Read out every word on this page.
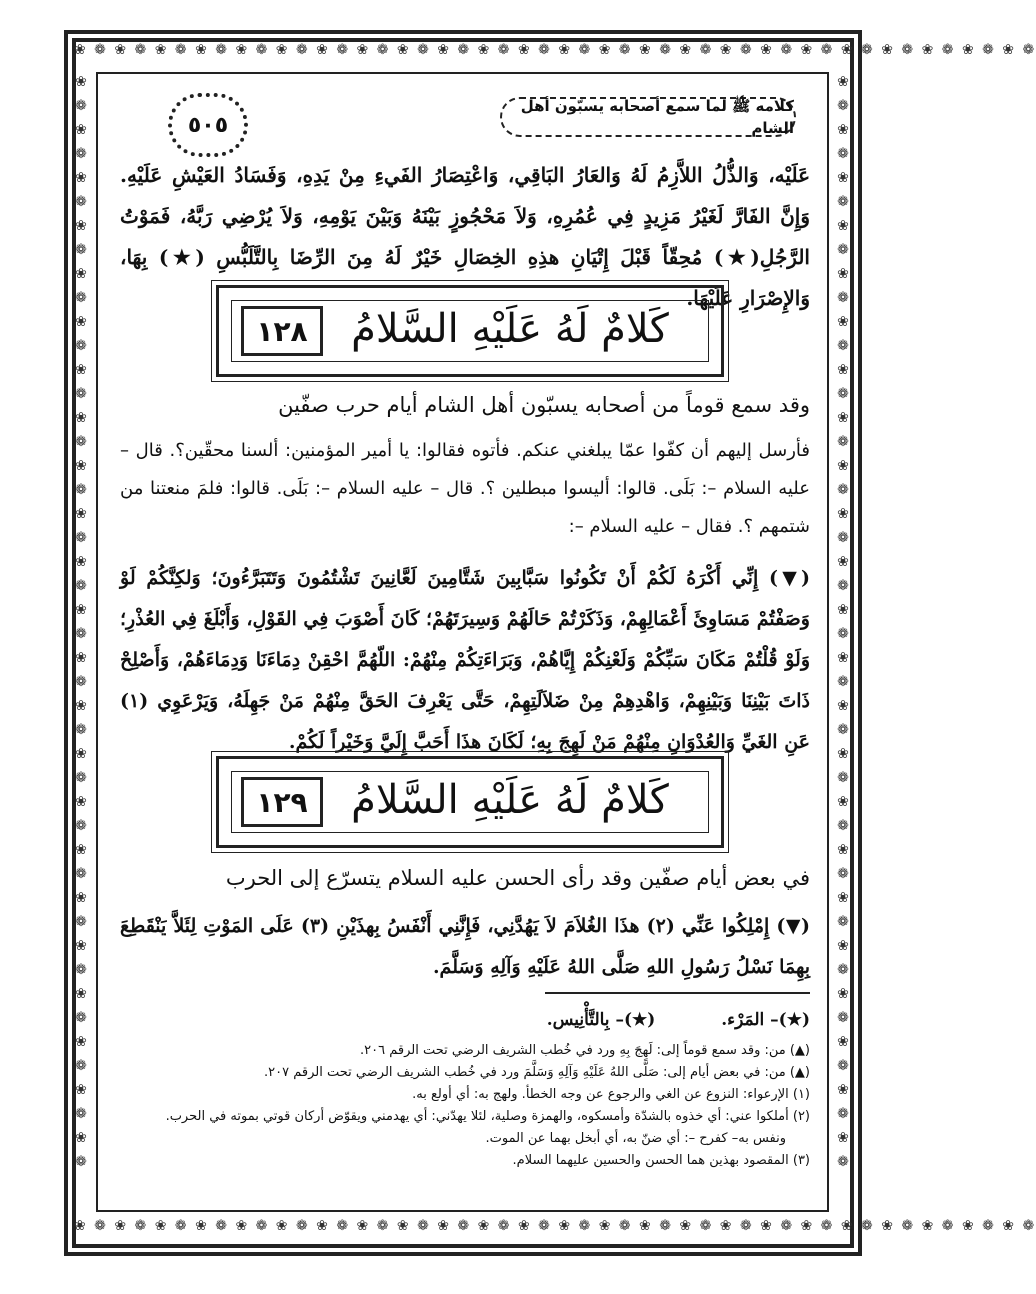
❀ ❁ ❀ ❁ ❀ ❁ ❀ ❁ ❀ ❁ ❀ ❁ ❀ ❁ ❀ ❁ ❀ ❁ ❀ ❁ ❀ ❁ ❀ ❁ ❀ ❁ ❀ ❁ ❀ ❁ ❀ ❁ ❀ ❁ ❀ ❁ ❀ ❁ ❀ ❁ ❀ ❁ ❀ ❁ ❀ ❁ ❀ ❁
❀ ❁ ❀ ❁ ❀ ❁ ❀ ❁ ❀ ❁ ❀ ❁ ❀ ❁ ❀ ❁ ❀ ❁ ❀ ❁ ❀ ❁ ❀ ❁ ❀ ❁ ❀ ❁ ❀ ❁ ❀ ❁ ❀ ❁ ❀ ❁ ❀ ❁ ❀ ❁ ❀ ❁ ❀ ❁ ❀ ❁ ❀ ❁
❀ ❁ ❀ ❁ ❀ ❁ ❀ ❁ ❀ ❁ ❀ ❁ ❀ ❁ ❀ ❁ ❀ ❁ ❀ ❁ ❀ ❁ ❀ ❁ ❀ ❁ ❀ ❁ ❀ ❁ ❀ ❁ ❀ ❁ ❀ ❁ ❀ ❁ ❀ ❁ ❀ ❁ ❀ ❁ ❀ ❁
❀ ❁ ❀ ❁ ❀ ❁ ❀ ❁ ❀ ❁ ❀ ❁ ❀ ❁ ❀ ❁ ❀ ❁ ❀ ❁ ❀ ❁ ❀ ❁ ❀ ❁ ❀ ❁ ❀ ❁ ❀ ❁ ❀ ❁ ❀ ❁ ❀ ❁ ❀ ❁ ❀ ❁ ❀ ❁ ❀ ❁
كلامه ﷺ لما سمع أصحابه يسبّون أهل الشام
٥٠٥
عَلَيْه، وَالذُّلُ اللاَّزِمُ لَهُ وَالعَارُ البَاقِي، وَاعْتِصَارُ الفَيءِ مِنْ يَدِهِ، وَفَسَادُ العَيْشِ عَلَيْهِ. وَإِنَّ الفَارَّ لَغَيْرُ مَزِيدٍ فِي عُمُرِهِ، وَلاَ مَحْجُوزٍ بَيْنَهُ وَبَيْنَ يَوْمِهِ، وَلاَ يُرْضِي رَبَّهُ، فَمَوْتُ الرَّجُلِ(★) مُحِقّاً قَبْلَ إِتْيَانِ هذِهِ الخِصَالِ خَيْرٌ لَهُ مِنَ الرِّضَا بِالتَّلَبُّسِ (★) بِهَا، وَالإِصْرَارِ عَلَيْهَا.
١٢٨	كَلامٌ لَهُ عَلَيْهِ السَّلامُ
وقد سمع قوماً من أصحابه يسبّون أهل الشام أيام حرب صفّين
فأرسل إليهم أن كفّوا عمّا يبلغني عنكم. فأتوه فقالوا: يا أمير المؤمنين: ألسنا محقّين؟. قال – عليه السلام –: بَلَى. قالوا: أليسوا مبطلين ؟. قال – عليه السلام –: بَلَى. قالوا: فلمَ منعتنا من شتمهم ؟. فقال – عليه السلام –:
(▼) إِنِّي أَكْرَهُ لَكُمْ أَنْ تَكُونُوا سَبَّابِينَ شَتَّامِينَ لَعَّانِينَ تَشْتُمُونَ وَتَتَبَرَّءُونَ؛ وَلكِنَّكُمْ لَوْ وَصَفْتُمْ مَسَاوِئَ أَعْمَالِهِمْ، وَذَكَرْتُمْ حَالَهُمْ وَسِيرَتَهُمْ؛ كَانَ أَصْوَبَ فِي القَوْلِ، وَأَبْلَغَ فِي العُذْرِ؛ وَلَوْ قُلْتُمْ مَكَانَ سَبِّكُمْ وَلَعْنِكُمْ إِيَّاهُمْ، وَبَرَاءَتِكُمْ مِنْهُمْ: اللّهُمَّ احْقِنْ دِمَاءَنَا وَدِمَاءَهُمْ، وَأَصْلِحْ ذَاتَ بَيْنِنَا وَبَيْنِهِمْ، وَاهْدِهِمْ مِنْ ضَلاَلَتِهِمْ، حَتَّى يَعْرِفَ الحَقَّ مِنْهُمْ مَنْ جَهِلَهُ، وَيَرْعَوِي (١) عَنِ الغَيِّ وَالعُدْوَانِ مِنْهُمْ مَنْ لَهِجَ بِهِ؛ لَكَانَ هذَا أَحَبَّ إِلَيَّ وَخَيْراً لَكُمْ.
١٢٩	كَلامٌ لَهُ عَلَيْهِ السَّلامُ
في بعض أيام صفّين وقد رأى الحسن عليه السلام يتسرّع إلى الحرب
(▼) إِمْلِكُوا عَنِّي (٢) هذَا الغُلاَمَ لاَ يَهُدَّنِي، فَإِنَّنِي أَنْفَسُ بِهذَيْنِ (٣) عَلَى المَوْتِ لِئَلاَّ يَنْقَطِعَ بِهِمَا نَسْلُ رَسُولِ اللهِ صَلَّى اللهُ عَلَيْهِ وَآلِهِ وَسَلَّمَ.
(★)– المَرْء. (★)– بِالتَّأْنِيس.
(▲) من: وقد سمع قوماً إلى: لَهِجَ بِهِ ورد في خُطب الشريف الرضي تحت الرقم ٢٠٦.
(▲) من: في بعض أيام إلى: صَلَّى اللهُ عَلَيْهِ وَآلِهِ وَسَلَّمَ ورد في خُطب الشريف الرضي تحت الرقم ٢٠٧.
(١) الإرعواء: النزوع عن الغي والرجوع عن وجه الخطأ. ولهج به: أي أولع به.
(٢) أملكوا عني: أي خذوه بالشدّة وأمسكوه، والهمزة وصلية، لئلا يهدّني: أي يهدمني ويقوّض أركان قوتي بموته في الحرب.
ونفس به– كفرح –: أي ضنّ به، أي أبخل بهما عن الموت.
(٣) المقصود بهذين هما الحسن والحسين عليهما السلام.
